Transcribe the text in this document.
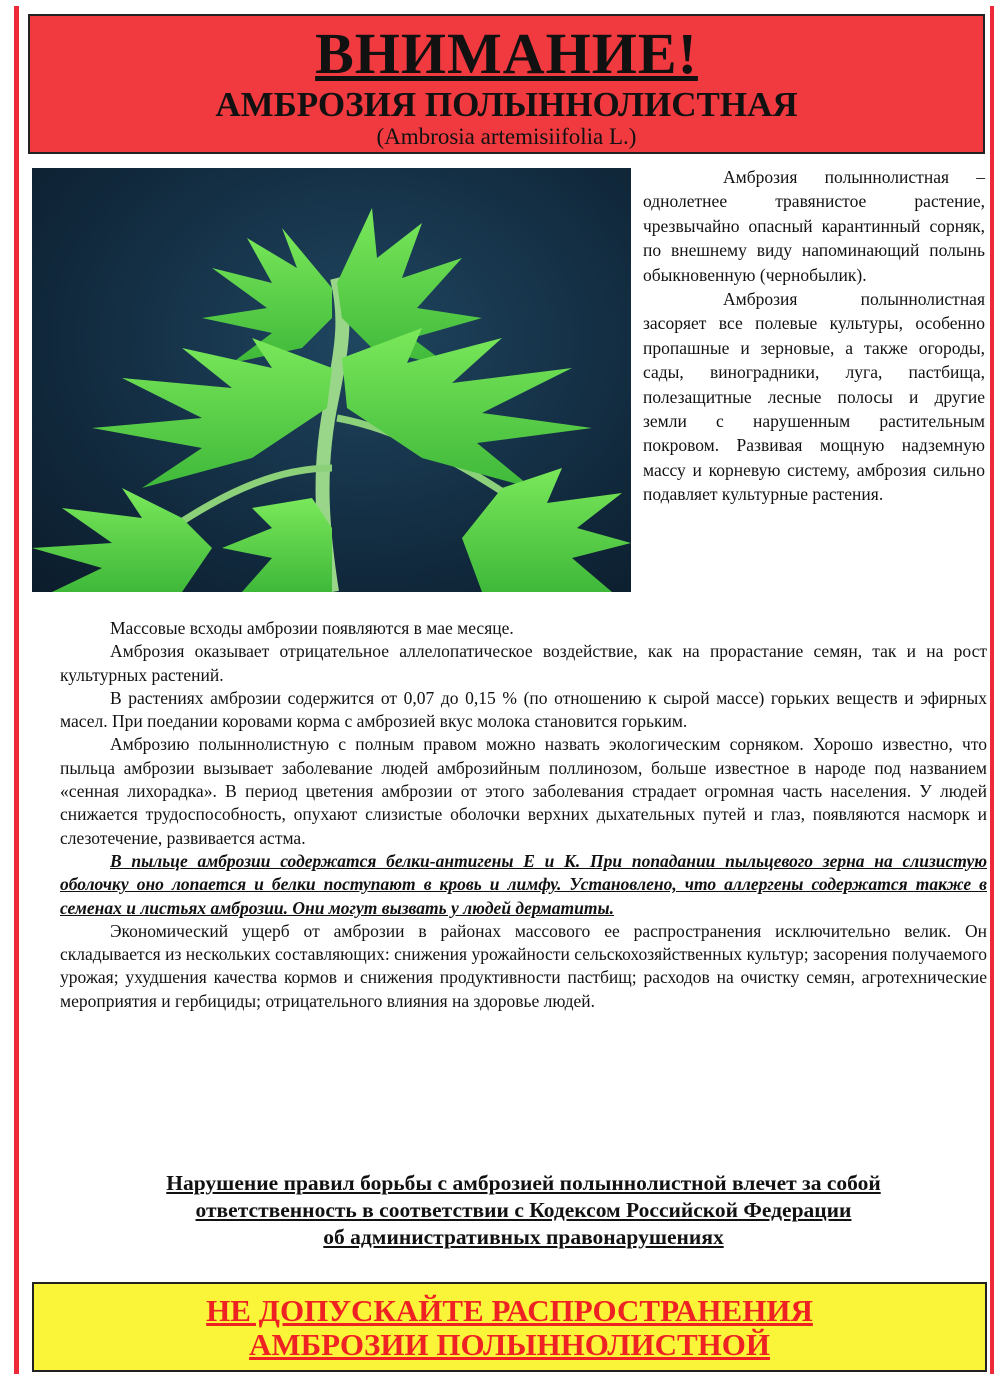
ВНИМАНИЕ!
АМБРОЗИЯ ПОЛЫННОЛИСТНАЯ
(Ambrosia artemisiifolia L.)

Амброзия полыннолистная – однолетнее травянистое растение, чрезвычайно опасный карантинный сорняк, по внешнему виду напоминающий полынь обыкновенную (чернобылик).

Амброзия полыннолистная засоряет все полевые культуры, особенно пропашные и зерновые, а также огороды, сады, виноградники, луга, пастбища, полезащитные лесные полосы и другие земли с нарушенным растительным покровом. Развивая мощную надземную массу и корневую систему, амброзия сильно подавляет культурные растения.

Массовые всходы амброзии появляются в мае месяце.

Амброзия оказывает отрицательное аллелопатическое воздействие, как на прорастание семян, так и на рост культурных растений.

В растениях амброзии содержится от 0,07 до 0,15 % (по отношению к сырой массе) горьких веществ и эфирных масел. При поедании коровами корма с амброзией вкус молока становится горьким.

Амброзию полыннолистную с полным правом можно назвать экологическим сорняком. Хорошо известно, что пыльца амброзии вызывает заболевание людей амброзийным поллинозом, больше известное в народе под названием «сенная лихорадка». В период цветения амброзии от этого заболевания страдает огромная часть населения. У людей снижается трудоспособность, опухают слизистые оболочки верхних дыхательных путей и глаз, появляются насморк и слезотечение, развивается астма.

В пыльце амброзии содержатся белки-антигены Е и К. При попадании пыльцевого зерна на слизистую оболочку оно лопается и белки поступают в кровь и лимфу. Установлено, что аллергены содержатся также в семенах и листьях амброзии. Они могут вызвать у людей дерматиты.

Экономический ущерб от амброзии в районах массового ее распространения исключительно велик. Он складывается из нескольких составляющих: снижения урожайности сельскохозяйственных культур; засорения получаемого урожая; ухудшения качества кормов и снижения продуктивности пастбищ; расходов на очистку семян, агротехнические мероприятия и гербициды; отрицательного влияния на здоровье людей.

Нарушение правил борьбы с амброзией полыннолистной влечет за собой
ответственность в соответствии с Кодексом Российской Федерации
об административных правонарушениях
НЕ ДОПУСКАЙТЕ РАСПРОСТРАНЕНИЯ
АМБРОЗИИ ПОЛЫННОЛИСТНОЙ
